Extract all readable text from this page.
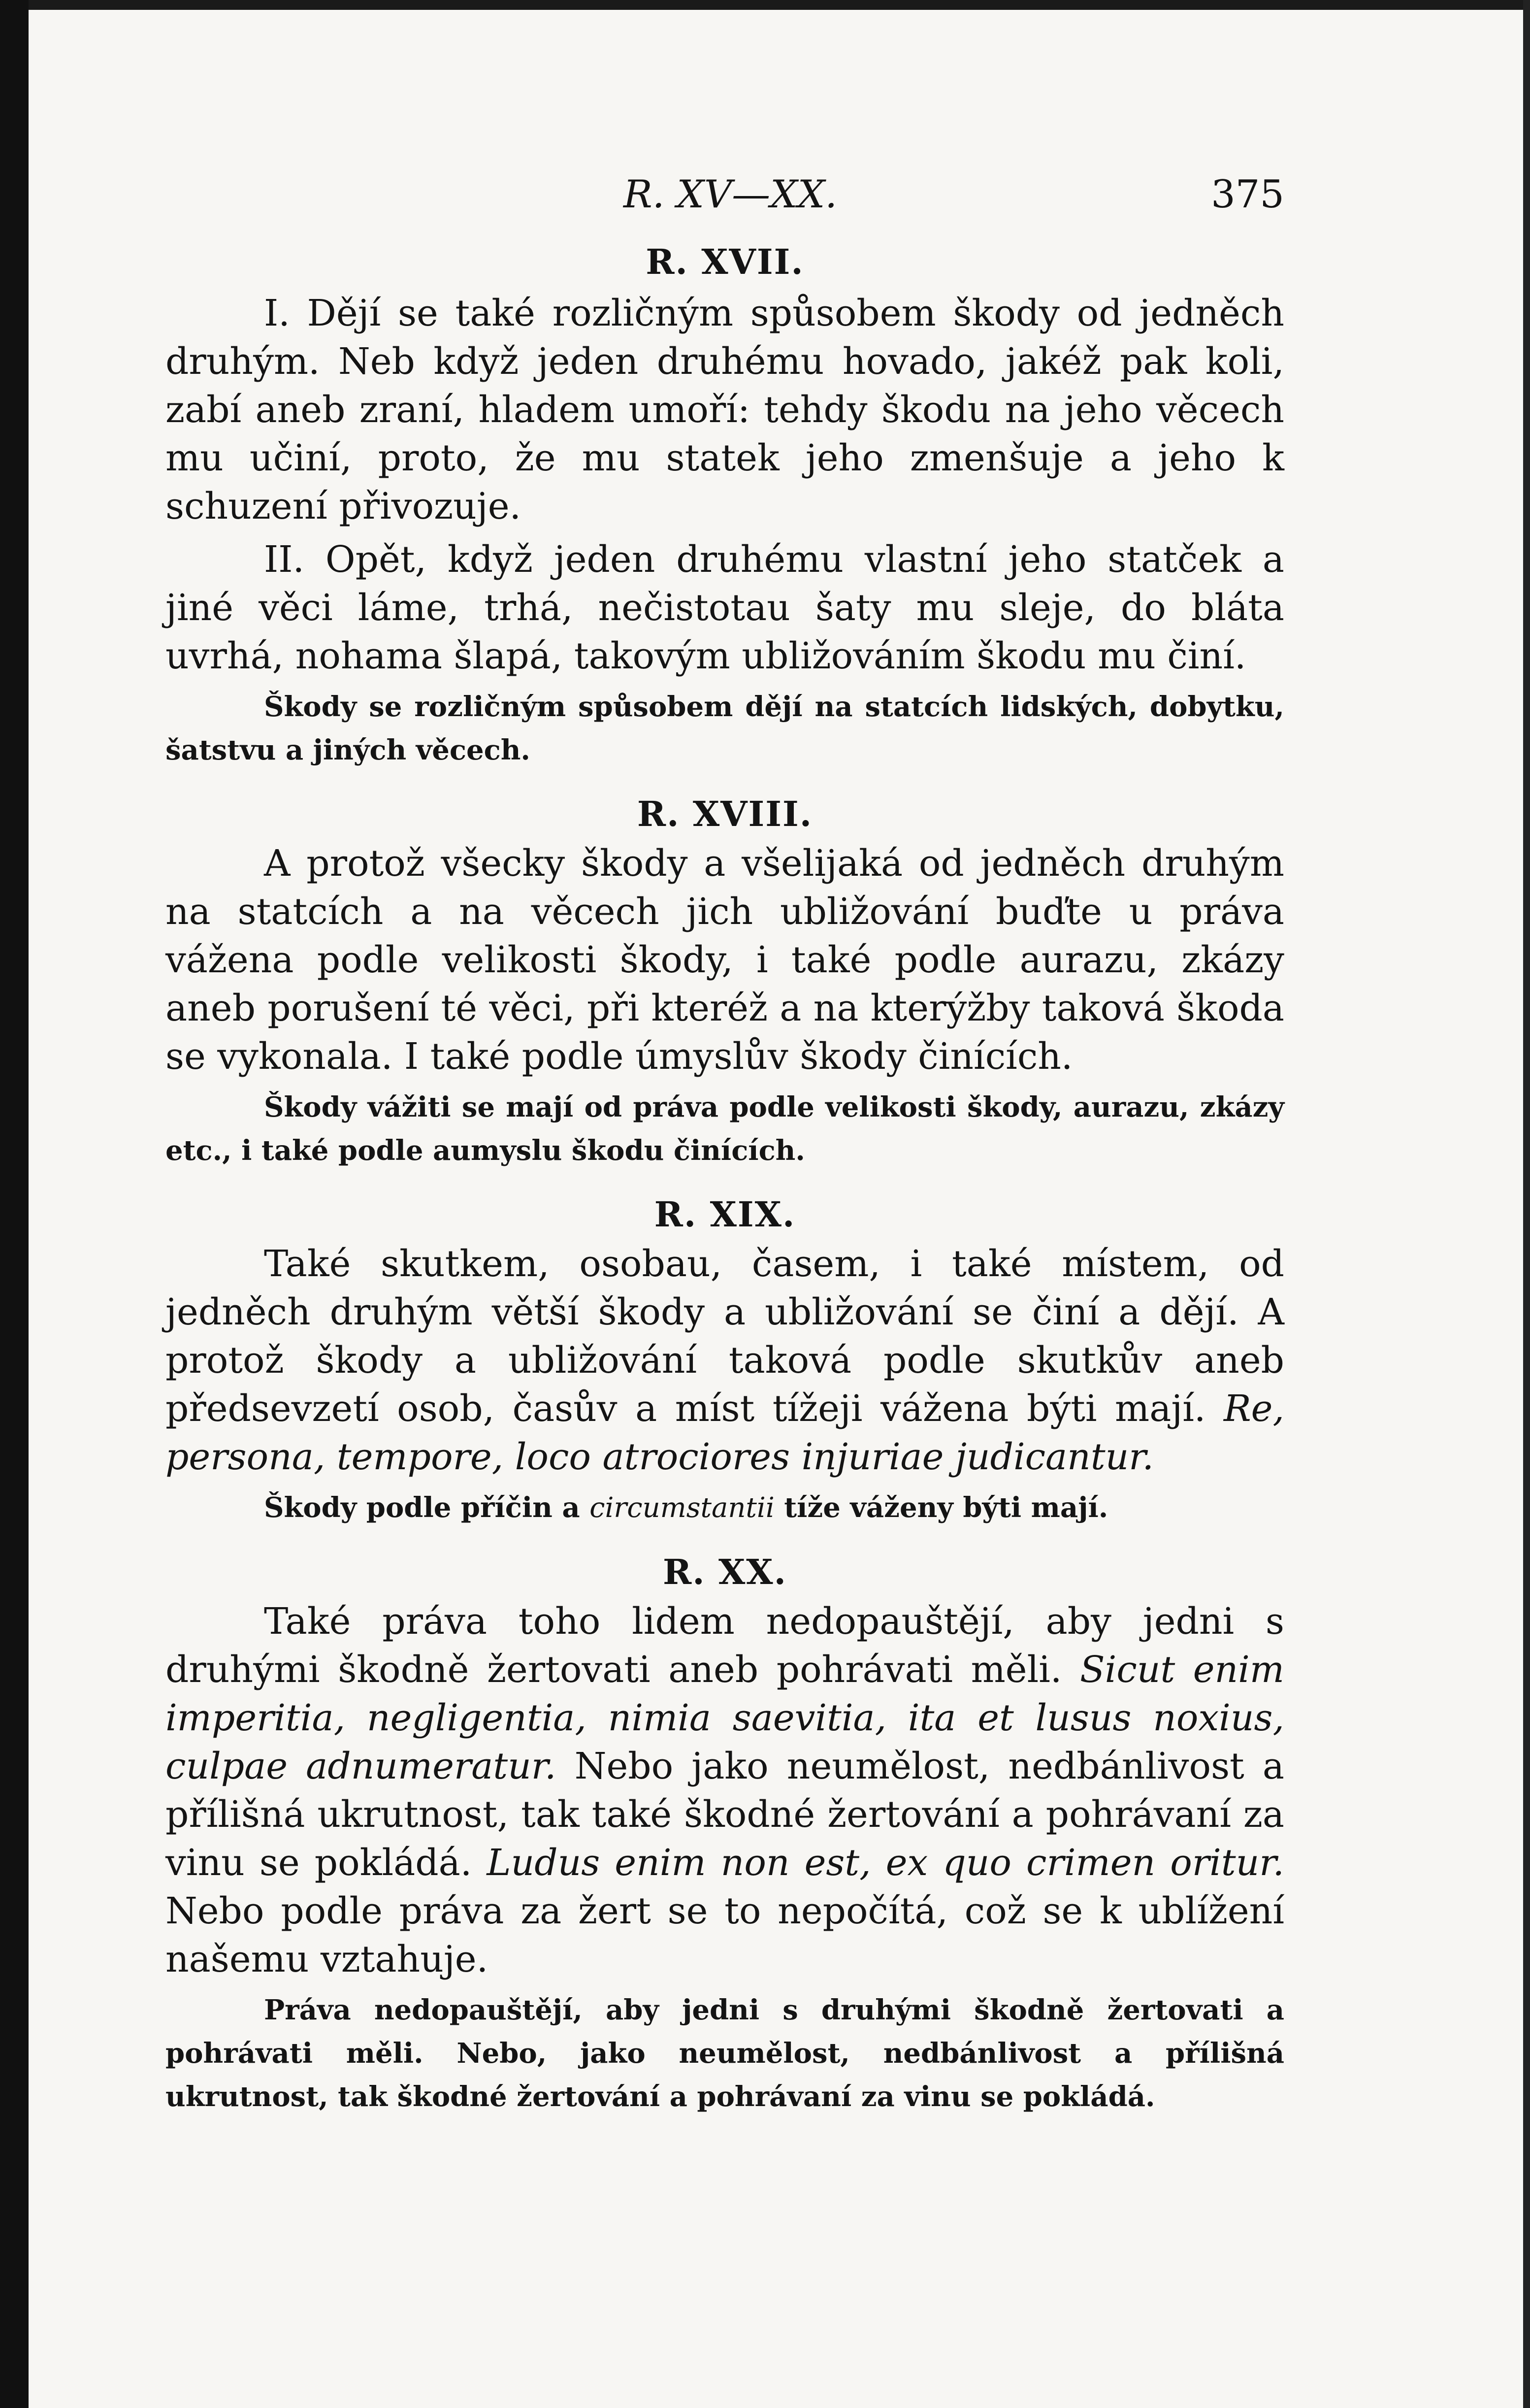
R. XV—XX.	375
R. XVII.

I. Dějí se také rozličným spůsobem škody od jedněch druhým. Neb když jeden druhému hovado, jakéž pak koli, zabí aneb zraní, hladem umoří: tehdy škodu na jeho věcech mu učiní, proto, že mu statek jeho zmenšuje a jeho k schuzení přivozuje.

II. Opět, když jeden druhému vlastní jeho statček a jiné věci láme, trhá, nečistotau šaty mu sleje, do bláta uvrhá, nohama šlapá, takovým ubližováním škodu mu činí.

Škody se rozličným spůsobem dějí na statcích lidských, dobytku, šatstvu a jiných věcech.

R. XVIII.

A protož všecky škody a všelijaká od jedněch druhým na statcích a na věcech jich ubližování buďte u práva vážena podle velikosti škody, i také podle aurazu, zkázy aneb porušení té věci, při kteréž a na kterýžby taková škoda se vykonala. I také podle úmyslův škody činících.

Škody vážiti se mají od práva podle velikosti škody, aurazu, zkázy etc., i také podle aumyslu škodu činících.

R. XIX.

Také skutkem, osobau, časem, i také místem, od jedněch druhým větší škody a ubližování se činí a dějí. A protož škody a ubližování taková podle skutkův aneb předsevzetí osob, časův a míst tížeji vážena býti mají. Re, persona, tempore, loco atrociores injuriae judicantur.

Škody podle příčin a circumstantii tíže váženy býti mají.

R. XX.

Také práva toho lidem nedopauštějí, aby jedni s druhými škodně žertovati aneb pohrávati měli. Sicut enim imperitia, negligentia, nimia saevitia, ita et lusus noxius, culpae adnumeratur. Nebo jako neumělost, nedbánlivost a přílišná ukrutnost, tak také škodné žertování a pohrávaní za vinu se pokládá. Ludus enim non est, ex quo crimen oritur. Nebo podle práva za žert se to nepočítá, což se k ublížení našemu vztahuje.

Práva nedopauštějí, aby jedni s druhými škodně žertovati a pohrávati měli. Nebo, jako neumělost, nedbánlivost a přílišná ukrutnost, tak škodné žertování a pohrávaní za vinu se pokládá.
